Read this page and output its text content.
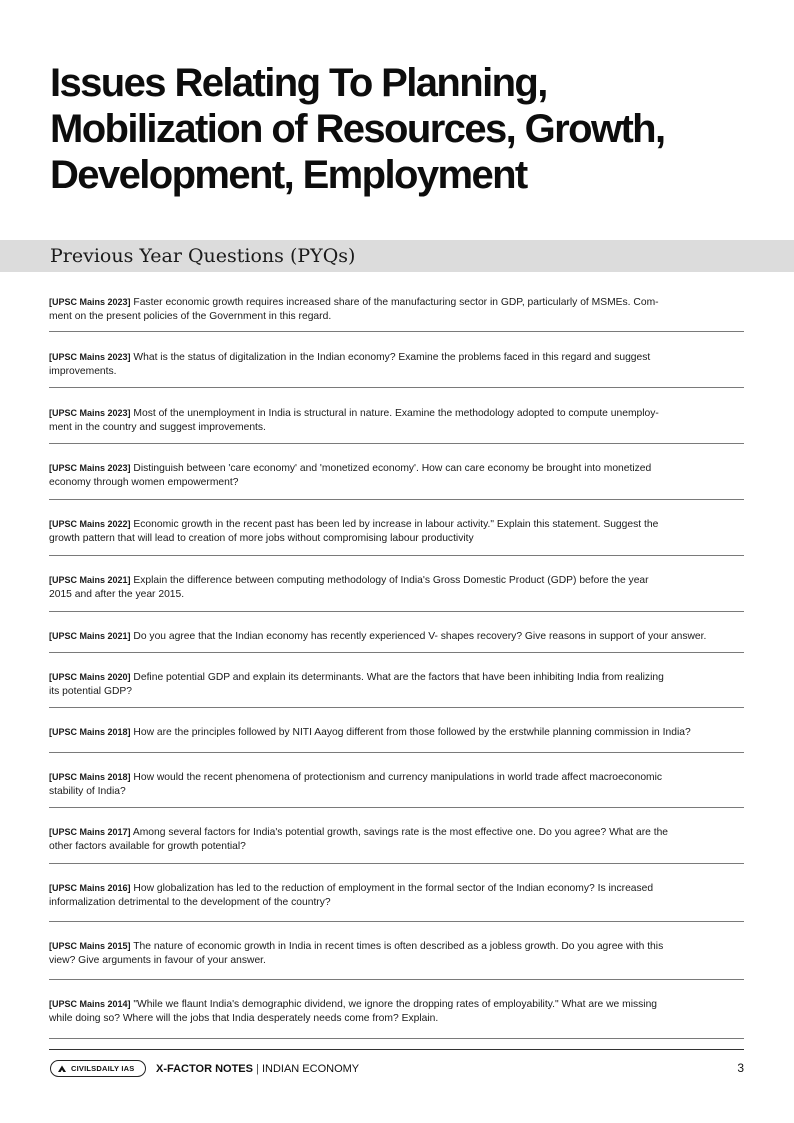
Issues Relating To Planning,
Mobilization of Resources, Growth,
Development, Employment
Previous Year Questions (PYQs)
[UPSC Mains 2023] Faster economic growth requires increased share of the manufacturing sector in GDP, particularly of MSMEs. Com-
ment on the present policies of the Government in this regard.
[UPSC Mains 2023] What is the status of digitalization in the Indian economy? Examine the problems faced in this regard and suggest
improvements.
[UPSC Mains 2023] Most of the unemployment in India is structural in nature. Examine the methodology adopted to compute unemploy-
ment in the country and suggest improvements.
[UPSC Mains 2023] Distinguish between 'care economy' and 'monetized economy'. How can care economy be brought into monetized
economy through women empowerment?
[UPSC Mains 2022] Economic growth in the recent past has been led by increase in labour activity." Explain this statement. Suggest the
growth pattern that will lead to creation of more jobs without compromising labour productivity
[UPSC Mains 2021] Explain the difference between computing methodology of India's Gross Domestic Product (GDP) before the year
2015 and after the year 2015.
[UPSC Mains 2021] Do you agree that the Indian economy has recently experienced V- shapes recovery? Give reasons in support of your answer.
[UPSC Mains 2020] Define potential GDP and explain its determinants. What are the factors that have been inhibiting India from realizing
its potential GDP?
[UPSC Mains 2018] How are the principles followed by NITI Aayog different from those followed by the erstwhile planning commission in India?
[UPSC Mains 2018] How would the recent phenomena of protectionism and currency manipulations in world trade affect macroeconomic
stability of India?
[UPSC Mains 2017] Among several factors for India's potential growth, savings rate is the most effective one. Do you agree? What are the
other factors available for growth potential?
[UPSC Mains 2016] How globalization has led to the reduction of employment in the formal sector of the Indian economy? Is increased
informalization detrimental to the development of the country?
[UPSC Mains 2015] The nature of economic growth in India in recent times is often described as a jobless growth. Do you agree with this
view? Give arguments in favour of your answer.
[UPSC Mains 2014] "While we flaunt India's demographic dividend, we ignore the dropping rates of employability." What are we missing
while doing so? Where will the jobs that India desperately needs come from? Explain.
CIVILSDAILY IAS X-FACTOR NOTES | INDIAN ECONOMY	3
